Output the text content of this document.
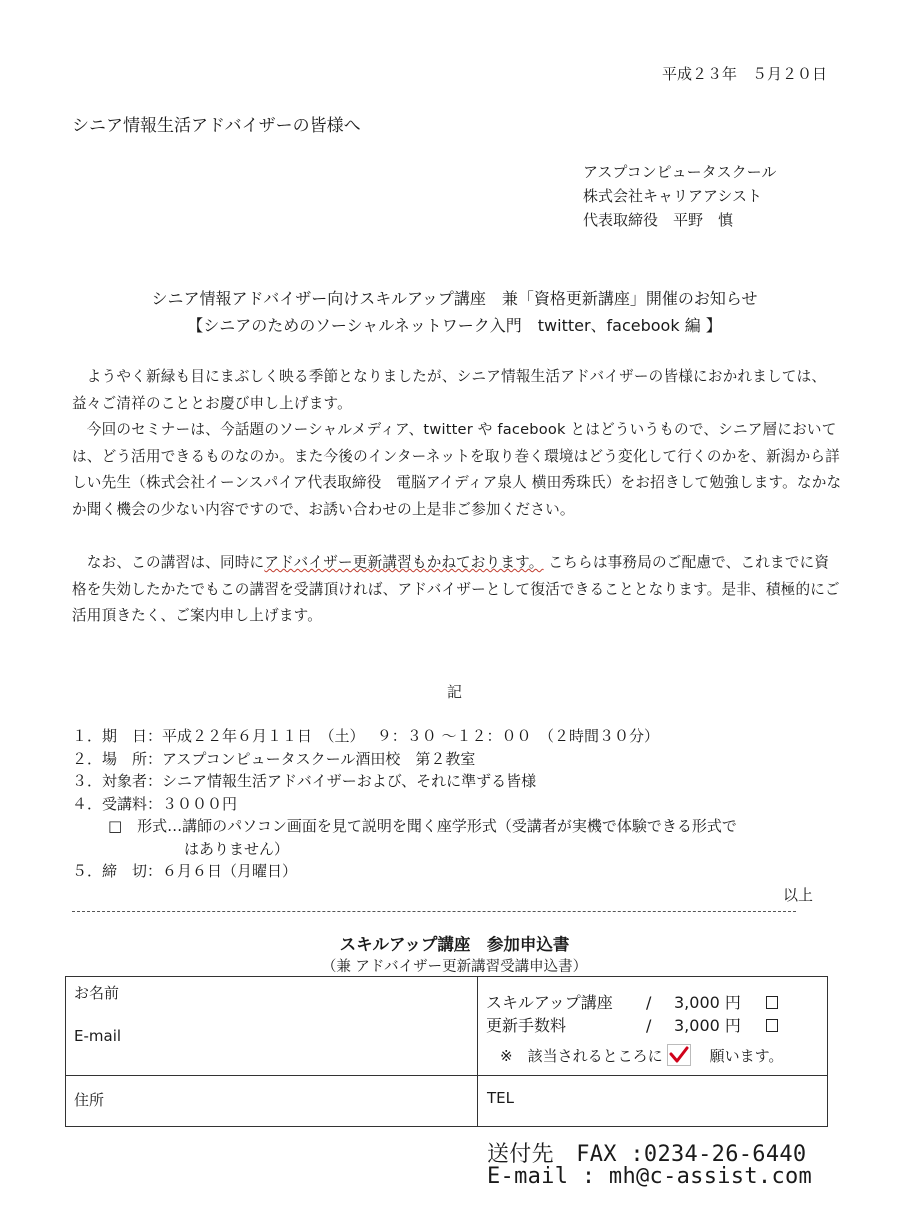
平成２３年　５月２０日
シニア情報生活アドバイザーの皆様へ
アスプコンピュータスクール
株式会社キャリアアシスト
代表取締役　平野　慎
シニア情報アドバイザー向けスキルアップ講座　兼「資格更新講座」開催のお知らせ
【シニアのためのソーシャルネットワーク入門　twitter、facebook 編 】
　ようやく新緑も目にまぶしく映る季節となりましたが、シニア情報生活アドバイザーの皆様におかれましては、益々ご清祥のこととお慶び申し上げます。
　今回のセミナーは、今話題のソーシャルメディア、twitter や facebook とはどういうもので、シニア層においては、どう活用できるものなのか。また今後のインターネットを取り巻く環境はどう変化して行くのかを、新潟から詳しい先生（株式会社イーンスパイア代表取締役　電脳アイディア泉人 横田秀珠氏）をお招きして勉強します。なかなか聞く機会の少ない内容ですので、お誘い合わせの上是非ご参加ください。
　なお、この講習は、同時にアドバイザー更新講習もかねております。 こちらは事務局のご配慮で、これまでに資格を失効したかたでもこの講習を受講頂ければ、アドバイザーとして復活できることとなります。是非、積極的にご活用頂きたく、ご案内申し上げます。
記
１．期　日：平成２２年６月１１日　（土）　 ９：３０ ～１２：００　（２時間３０分）
２．場　所：アスプコンピュータスクール酒田校　第２教室
３．対象者：シニア情報生活アドバイザーおよび、それに準ずる皆様
４．受講料：３０００円
□　形式…講師のパソコン画面を見て説明を聞く座学形式（受講者が実機で体験できる形式で
はありません）
５．締　切：６月６日（月曜日）
以上
スキルアップ講座　参加申込書
（兼 アドバイザー更新講習受講申込書）
お名前
E-mail
スキルアップ講座 / 3,000 円
更新手数料	/ 3,000 円
※　該当されるところに
　願います。
住所	TEL
送付先　FAX :0234-26-6440
E-mail : mh@c-assist.com
